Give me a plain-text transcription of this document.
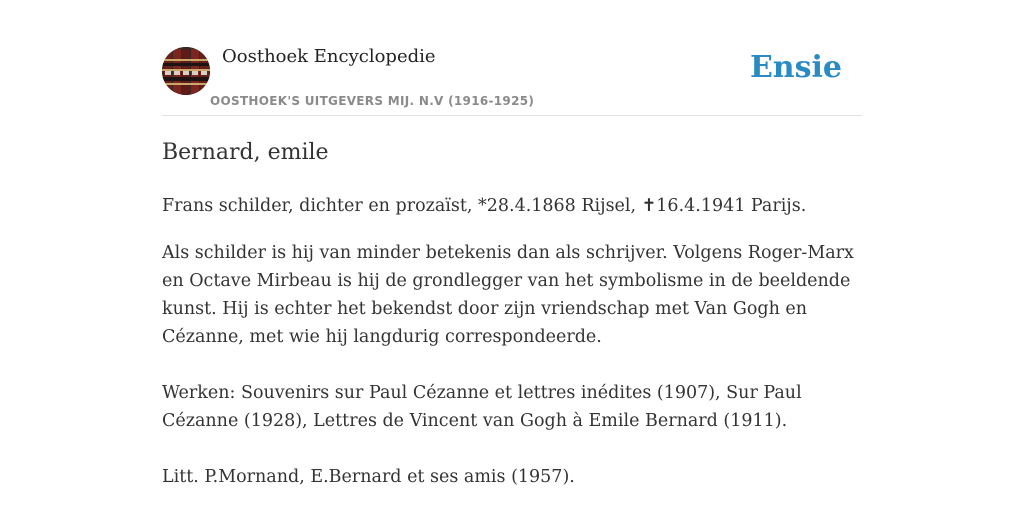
Oosthoek Encyclopedie
OOSTHOEK'S UITGEVERS MIJ. N.V (1916-1925)
Ensie
Bernard, emile

Frans schilder, dichter en prozaïst, *28.4.1868 Rijsel, ✝16.4.1941 Parijs.

Als schilder is hij van minder betekenis dan als schrijver. Volgens Roger-Marx en Octave Mirbeau is hij de grondlegger van het symbolisme in de beeldende kunst. Hij is echter het bekendst door zijn vriendschap met Van Gogh en Cézanne, met wie hij langdurig correspondeerde.

Werken: Souvenirs sur Paul Cézanne et lettres inédites (1907), Sur Paul Cézanne (1928), Lettres de Vincent van Gogh à Emile Bernard (1911).

Litt. P.Mornand, E.Bernard et ses amis (1957).
